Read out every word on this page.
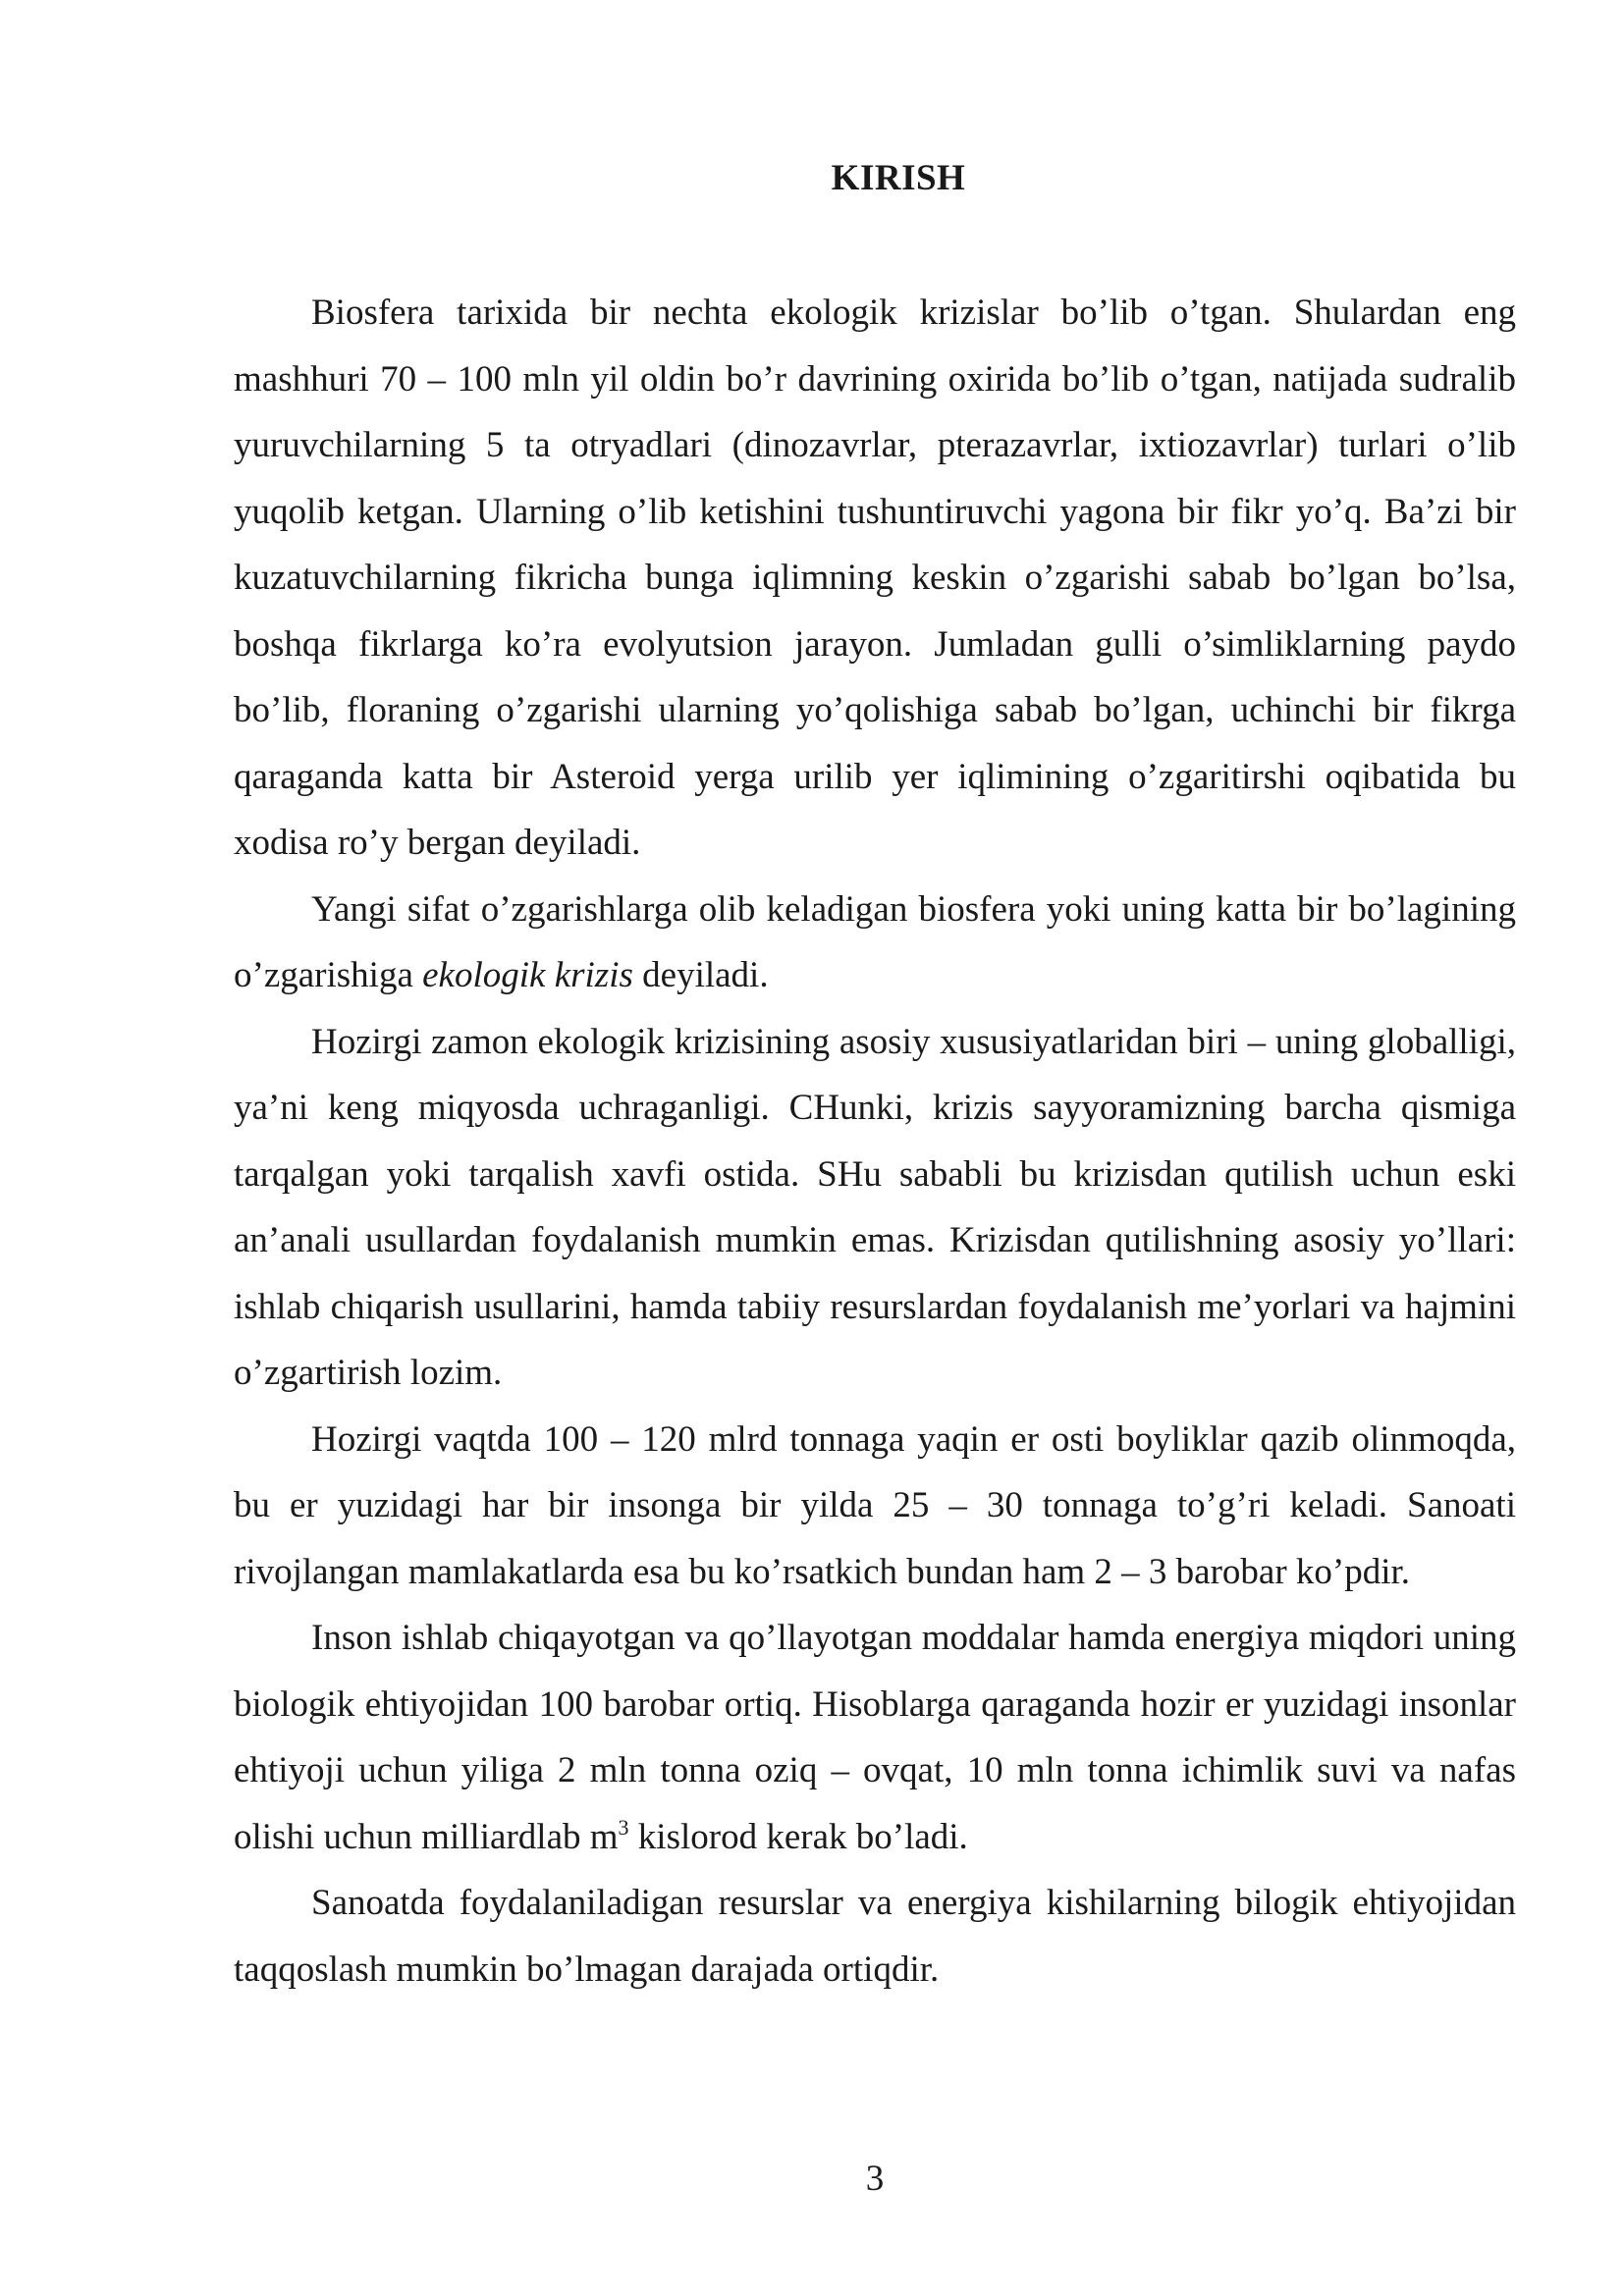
KIRISH

Biosfera tarixida bir nechta ekologik krizislar bo’lib o’tgan. Shulardan eng mashhuri 70 – 100 mln yil oldin bo’r davrining oxirida bo’lib o’tgan, natijada sudralib yuruvchilarning 5 ta otryadlari (dinozavrlar, pterazavrlar, ixtiozavrlar) turlari o’lib yuqolib ketgan. Ularning o’lib ketishini tushuntiruvchi yagona bir fikr yo’q. Ba’zi bir kuzatuvchilarning fikricha bunga iqlimning keskin o’zgarishi sabab bo’lgan bo’lsa, boshqa fikrlarga ko’ra evolyutsion jarayon. Jumladan gulli o’simliklarning paydo bo’lib, floraning o’zgarishi ularning yo’qolishiga sabab bo’lgan, uchinchi bir fikrga qaraganda katta bir Asteroid yerga urilib yer iqlimining o’zgaritirshi oqibatida bu xodisa ro’y bergan deyiladi.

Yangi sifat o’zgarishlarga olib keladigan biosfera yoki uning katta bir bo’lagining o’zgarishiga ekologik krizis deyiladi.

Hozirgi zamon ekologik krizisining asosiy xususiyatlaridan biri – uning globalligi, ya’ni keng miqyosda uchraganligi. CHunki, krizis sayyoramizning barcha qismiga tarqalgan yoki tarqalish xavfi ostida. SHu sababli bu krizisdan qutilish uchun eski an’anali usullardan foydalanish mumkin emas. Krizisdan qutilishning asosiy yo’llari: ishlab chiqarish usullarini, hamda tabiiy resurslardan foydalanish me’yorlari va hajmini o’zgartirish lozim.

Hozirgi vaqtda 100 – 120 mlrd tonnaga yaqin er osti boyliklar qazib olinmoqda, bu er yuzidagi har bir insonga bir yilda 25 – 30 tonnaga to’g’ri keladi. Sanoati rivojlangan mamlakatlarda esa bu ko’rsatkich bundan ham 2 – 3 barobar ko’pdir.

Inson ishlab chiqayotgan va qo’llayotgan moddalar hamda energiya miqdori uning biologik ehtiyojidan 100 barobar ortiq. Hisoblarga qaraganda hozir er yuzidagi insonlar ehtiyoji uchun yiliga 2 mln tonna oziq – ovqat, 10 mln tonna ichimlik suvi va nafas olishi uchun milliardlab $m^3$ kislorod kerak bo’ladi.

Sanoatda foydalaniladigan resurslar va energiya kishilarning bilogik ehtiyojidan taqqoslash mumkin bo’lmagan darajada ortiqdir.

3
